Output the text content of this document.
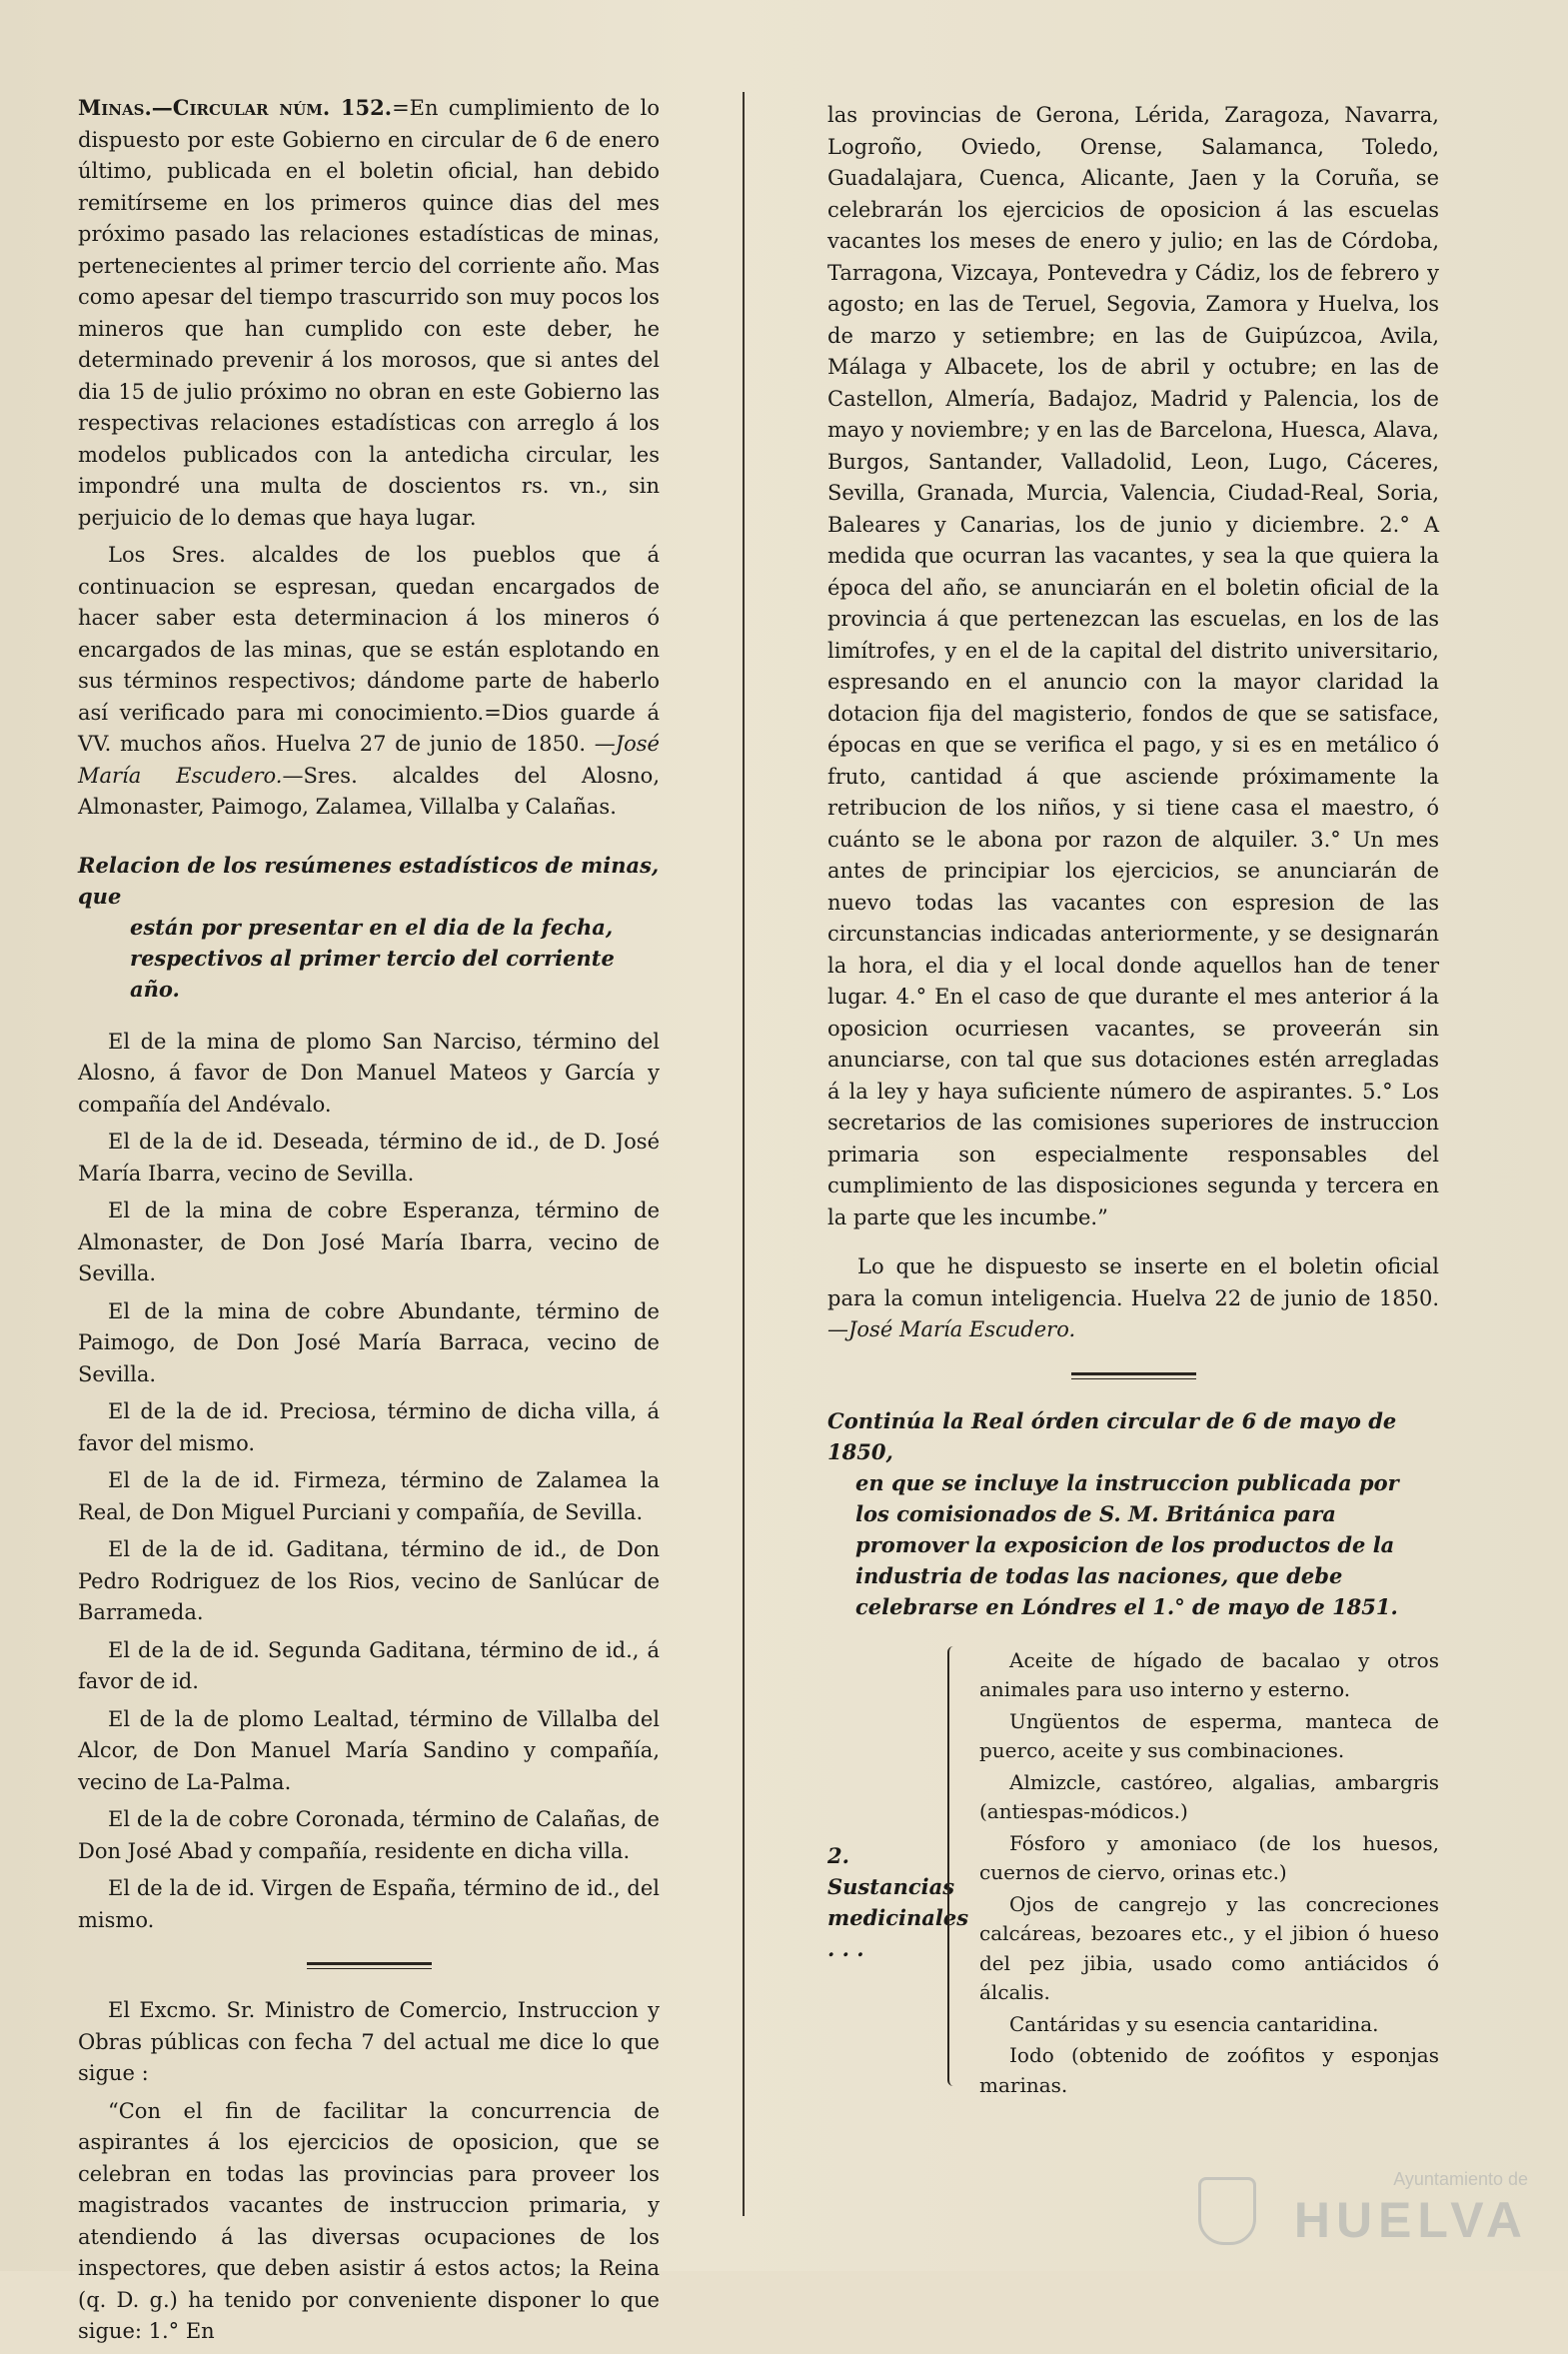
Minas.—Circular núm. 152.=En cumplimiento de lo dispuesto por este Gobierno en circular de 6 de enero último, publicada en el boletin oficial, han debido remitírseme en los primeros quince dias del mes próximo pasado las relaciones estadísticas de minas, pertenecientes al primer tercio del corriente año. Mas como apesar del tiempo trascurrido son muy pocos los mineros que han cumplido con este deber, he determinado prevenir á los morosos, que si antes del dia 15 de julio próximo no obran en este Gobierno las respectivas relaciones estadísticas con arreglo á los modelos publicados con la antedicha circular, les impondré una multa de doscientos rs. vn., sin perjuicio de lo demas que haya lugar.

Los Sres. alcaldes de los pueblos que á continuacion se espresan, quedan encargados de hacer saber esta determinacion á los mineros ó encargados de las minas, que se están esplotando en sus términos respectivos; dándome parte de haberlo así verificado para mi conocimiento.=Dios guarde á VV. muchos años. Huelva 27 de junio de 1850. —José María Escudero.—Sres. alcaldes del Alosno, Almonaster, Paimogo, Zalamea, Villalba y Calañas.

Relacion de los resúmenes estadísticos de minas, que
están por presentar en el dia de la fecha, respectivos al primer tercio del corriente año.

El de la mina de plomo San Narciso, término del Alosno, á favor de Don Manuel Mateos y García y compañía del Andévalo.

El de la de id. Deseada, término de id., de D. José María Ibarra, vecino de Sevilla.

El de la mina de cobre Esperanza, término de Almonaster, de Don José María Ibarra, vecino de Sevilla.

El de la mina de cobre Abundante, término de Paimogo, de Don José María Barraca, vecino de Sevilla.

El de la de id. Preciosa, término de dicha villa, á favor del mismo.

El de la de id. Firmeza, término de Zalamea la Real, de Don Miguel Purciani y compañía, de Sevilla.

El de la de id. Gaditana, término de id., de Don Pedro Rodriguez de los Rios, vecino de Sanlúcar de Barrameda.

El de la de id. Segunda Gaditana, término de id., á favor de id.

El de la de plomo Lealtad, término de Villalba del Alcor, de Don Manuel María Sandino y compañía, vecino de La-Palma.

El de la de cobre Coronada, término de Calañas, de Don José Abad y compañía, residente en dicha villa.

El de la de id. Virgen de España, término de id., del mismo.

El Excmo. Sr. Ministro de Comercio, Instruccion y Obras públicas con fecha 7 del actual me dice lo que sigue :

“Con el fin de facilitar la concurrencia de aspirantes á los ejercicios de oposicion, que se celebran en todas las provincias para proveer los magistrados vacantes de instruccion primaria, y atendiendo á las diversas ocupaciones de los inspectores, que deben asistir á estos actos; la Reina (q. D. g.) ha tenido por conveniente disponer lo que sigue: 1.° En

las provincias de Gerona, Lérida, Zaragoza, Navarra, Logroño, Oviedo, Orense, Salamanca, Toledo, Guadalajara, Cuenca, Alicante, Jaen y la Coruña, se celebrarán los ejercicios de oposicion á las escuelas vacantes los meses de enero y julio; en las de Córdoba, Tarragona, Vizcaya, Pontevedra y Cádiz, los de febrero y agosto; en las de Teruel, Segovia, Zamora y Huelva, los de marzo y setiembre; en las de Guipúzcoa, Avila, Málaga y Albacete, los de abril y octubre; en las de Castellon, Almería, Badajoz, Madrid y Palencia, los de mayo y noviembre; y en las de Barcelona, Huesca, Alava, Burgos, Santander, Valladolid, Leon, Lugo, Cáceres, Sevilla, Granada, Murcia, Valencia, Ciudad-Real, Soria, Baleares y Canarias, los de junio y diciembre. 2.° A medida que ocurran las vacantes, y sea la que quiera la época del año, se anunciarán en el boletin oficial de la provincia á que pertenezcan las escuelas, en los de las limítrofes, y en el de la capital del distrito universitario, espresando en el anuncio con la mayor claridad la dotacion fija del magisterio, fondos de que se satisface, épocas en que se verifica el pago, y si es en metálico ó fruto, cantidad á que asciende próximamente la retribucion de los niños, y si tiene casa el maestro, ó cuánto se le abona por razon de alquiler. 3.° Un mes antes de principiar los ejercicios, se anunciarán de nuevo todas las vacantes con espresion de las circunstancias indicadas anteriormente, y se designarán la hora, el dia y el local donde aquellos han de tener lugar. 4.° En el caso de que durante el mes anterior á la oposicion ocurriesen vacantes, se proveerán sin anunciarse, con tal que sus dotaciones estén arregladas á la ley y haya suficiente número de aspirantes. 5.° Los secretarios de las comisiones superiores de instruccion primaria son especialmente responsables del cumplimiento de las disposiciones segunda y tercera en la parte que les incumbe.”

Lo que he dispuesto se inserte en el boletin oficial para la comun inteligencia. Huelva 22 de junio de 1850.—José María Escudero.

Continúa la Real órden circular de 6 de mayo de 1850,
en que se incluye la instruccion publicada por los comisionados de S. M. Británica para promover la exposicion de los productos de la industria de todas las naciones, que debe celebrarse en Lóndres el 1.° de mayo de 1851.
2. Sustancias medicinales . . .

Aceite de hígado de bacalao y otros animales para uso interno y esterno.

Ungüentos de esperma, manteca de puerco, aceite y sus combinaciones.

Almizcle, castóreo, algalias, ambargris (antiespas-módicos.)

Fósforo y amoniaco (de los huesos, cuernos de ciervo, orinas etc.)

Ojos de cangrejo y las concreciones calcáreas, bezoares etc., y el jibion ó hueso del pez jibia, usado como antiácidos ó álcalis.

Cantáridas y su esencia cantaridina.

Iodo (obtenido de zoófitos y esponjas marinas.

Ayuntamiento de
HUELVA
